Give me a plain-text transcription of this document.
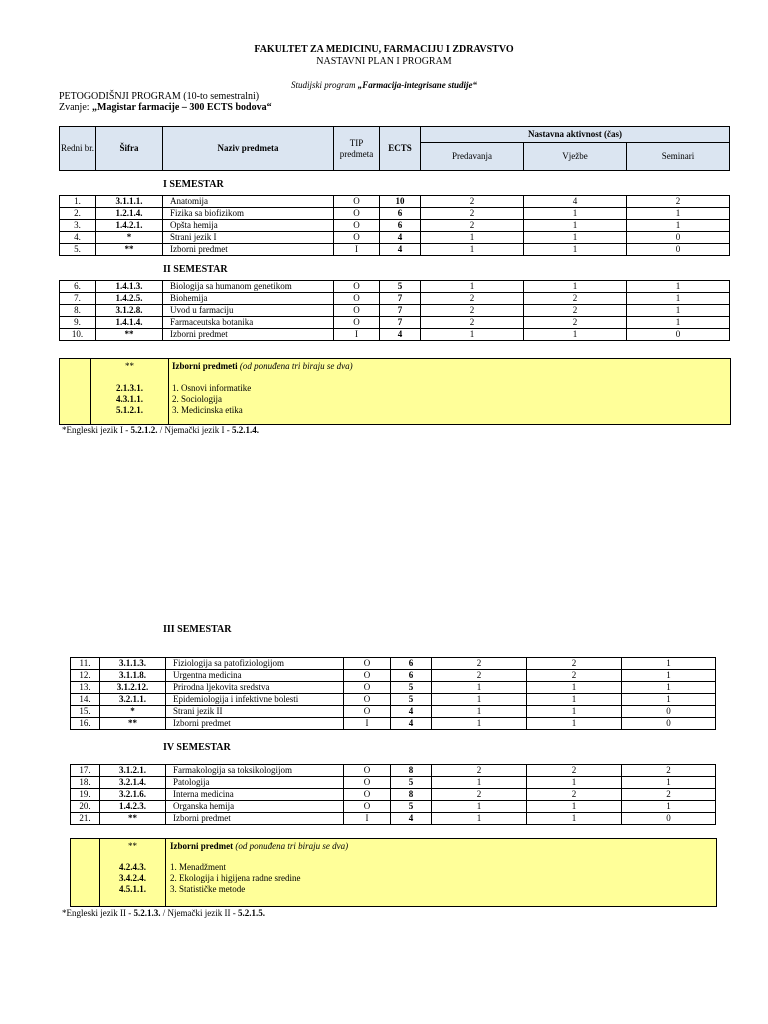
FAKULTET ZA MEDICINU, FARMACIJU I ZDRAVSTVO
NASTAVNI PLAN I PROGRAM
Studijski program „Farmacija-integrisane studije“
PETOGODIŠNJI PROGRAM (10-to semestralni)
Zvanje: „Magistar farmacije – 300 ECTS bodova“
Redni br.	Šifra	Naziv predmeta	TIP predmeta	ECTS	Nastavna aktivnost (čas)		
					Predavanja	Vježbe	Seminari
I SEMESTAR
1.	3.1.1.1.	Anatomija	O	10	2	4	2
2.	1.2.1.4.	Fizika sa biofizikom	O	6	2	1	1
3.	1.4.2.1.	Opšta hemija	O	6	2	1	1
4.	*	Strani jezik I	O	4	1	1	0
5.	**	Izborni predmet	I	4	1	1	0
II SEMESTAR
6.	1.4.1.3.	Biologija sa humanom genetikom	O	5	1	1	1
7.	1.4.2.5.	Biohemija	O	7	2	2	1
8.	3.1.2.8.	Uvod u farmaciju	O	7	2	2	1
9.	1.4.1.4.	Farmaceutska botanika	O	7	2	2	1
10.	**	Izborni predmet	I	4	1	1	0
**	Izborni predmeti (od ponuđena tri biraju se dva)
2.1.3.1.	1. Osnovi informatike
4.3.1.1.	2. Sociologija
5.1.2.1.	3. Medicinska etika
*Engleski jezik I - 5.2.1.2. / Njemački jezik I - 5.2.1.4.
III SEMESTAR
11.	3.1.1.3.	Fiziologija sa patofiziologijom	O	6	2	2	1
12.	3.1.1.8.	Urgentna medicina	O	6	2	2	1
13.	3.1.2.12.	Prirodna ljekovita sredstva	O	5	1	1	1
14.	3.2.1.1.	Epidemiologija i infektivne bolesti	O	5	1	1	1
15.	*	Strani jezik II	O	4	1	1	0
16.	**	Izborni predmet	I	4	1	1	0
IV SEMESTAR
17.	3.1.2.1.	Farmakologija sa toksikologijom	O	8	2	2	2
18.	3.2.1.4.	Patologija	O	5	1	1	1
19.	3.2.1.6.	Interna medicina	O	8	2	2	2
20.	1.4.2.3.	Organska hemija	O	5	1	1	1
21.	**	Izborni predmet	I	4	1	1	0
**	Izborni predmet (od ponuđena tri biraju se dva)
4.2.4.3.	1. Menadžment
3.4.2.4.	2. Ekologija i higijena radne sredine
4.5.1.1.	3. Statističke metode
*Engleski jezik II - 5.2.1.3. / Njemački jezik II - 5.2.1.5.
